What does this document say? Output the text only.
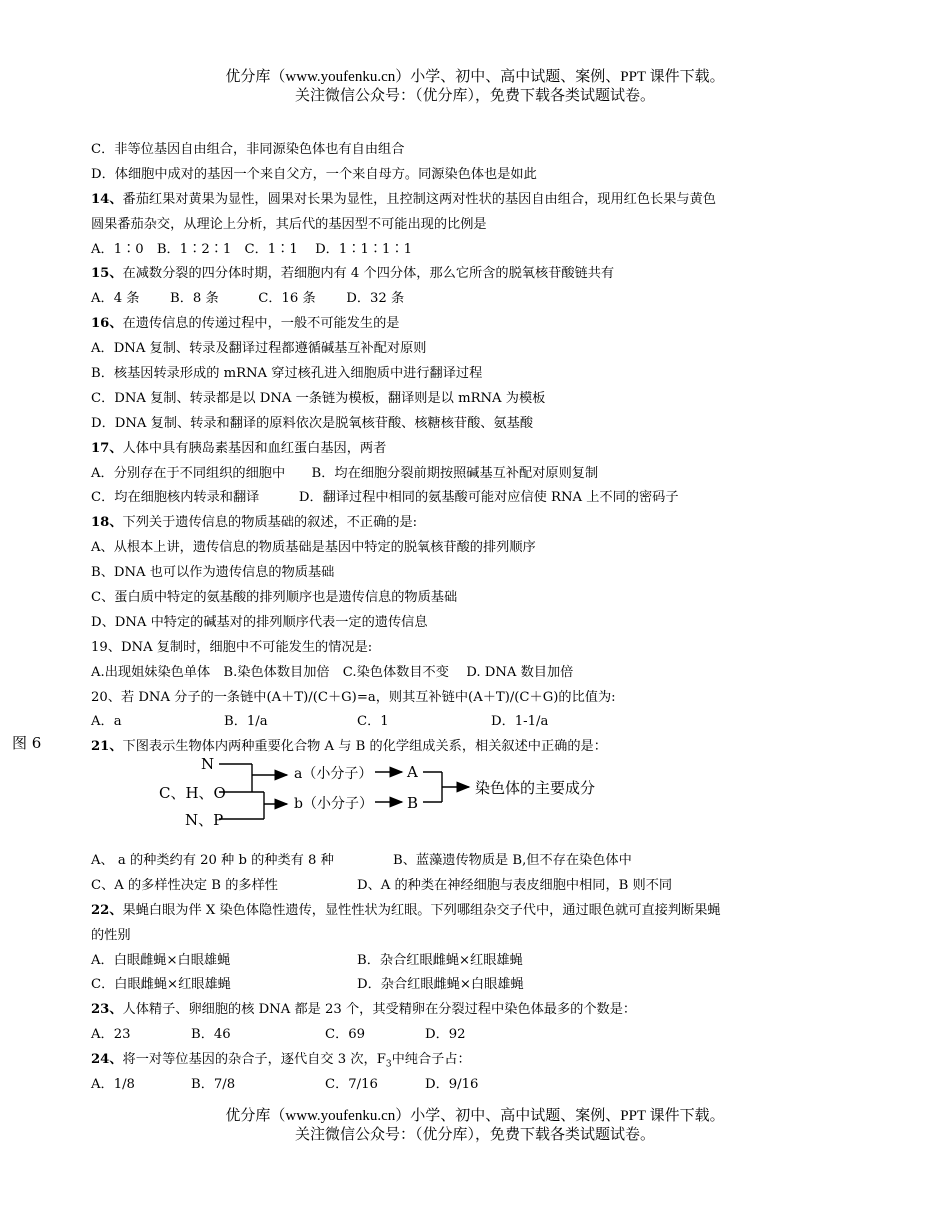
优分库（www.youfenku.cn）小学、初中、高中试题、案例、PPT 课件下载。
关注微信公众号：（优分库），免费下载各类试题试卷。
C．非等位基因自由组合，非同源染色体也有自由组合
D．体细胞中成对的基因一个来自父方，一个来自母方。同源染色体也是如此
14、番茄红果对黄果为显性，圆果对长果为显性，且控制这两对性状的基因自由组合，现用红色长果与黄色
圆果番茄杂交，从理论上分析，其后代的基因型不可能出现的比例是
A．1∶0　B．1∶2∶1　C．1∶1　 D．1∶1∶1∶1
15、在减数分裂的四分体时期，若细胞内有 4 个四分体，那么它所含的脱氧核苷酸链共有
A．4 条　　 B．8 条　　　C．16 条　　 D．32 条
16、在遗传信息的传递过程中，一般不可能发生的是
A．DNA 复制、转录及翻译过程都遵循碱基互补配对原则
B．核基因转录形成的 mRNA 穿过核孔进入细胞质中进行翻译过程
C．DNA 复制、转录都是以 DNA 一条链为模板，翻译则是以 mRNA 为模板
D．DNA 复制、转录和翻译的原料依次是脱氧核苷酸、核糖核苷酸、氨基酸
17、人体中具有胰岛素基因和血红蛋白基因，两者
A．分别存在于不同组织的细胞中　　B．均在细胞分裂前期按照碱基互补配对原则复制
C．均在细胞核内转录和翻译　　　D．翻译过程中相同的氨基酸可能对应信使 RNA 上不同的密码子
18、下列关于遗传信息的物质基础的叙述，不正确的是:
A、从根本上讲，遗传信息的物质基础是基因中特定的脱氧核苷酸的排列顺序
B、DNA 也可以作为遗传信息的物质基础
C、蛋白质中特定的氨基酸的排列顺序也是遗传信息的物质基础
D、DNA 中特定的碱基对的排列顺序代表一定的遗传信息
19、DNA 复制时，细胞中不可能发生的情况是:
A.出现姐妹染色单体　B.染色体数目加倍　C.染色体数目不变　 D. DNA 数目加倍
20、若 DNA 分子的一条链中(A＋T)/(C＋G)=a，则其互补链中(A＋T)/(C＋G)的比值为:
A．a	B．1/a	C．1	D．1-1/a
21、下图表示生物体内两种重要化合物 A 与 B 的化学组成关系，相关叙述中正确的是：
图 6
N
C、H、O
N、P
a（小分子）
b（小分子）
A
B
染色体的主要成分
A、 a 的种类约有 20 种 b 的种类有 8 种	B、蓝藻遗传物质是 B,但不存在染色体中
C、A 的多样性决定 B 的多样性	D、A 的种类在神经细胞与表皮细胞中相同，B 则不同
22、果蝇白眼为伴 X 染色体隐性遗传，显性性状为红眼。下列哪组杂交子代中，通过眼色就可直接判断果蝇
的性别
A．白眼雌蝇×白眼雄蝇	B．杂合红眼雌蝇×红眼雄蝇
C．白眼雌蝇×红眼雄蝇	D．杂合红眼雌蝇×白眼雄蝇
23、人体精子、卵细胞的核 DNA 都是 23 个，其受精卵在分裂过程中染色体最多的个数是：
A．23	B．46	C．69	D．92
24、将一对等位基因的杂合子，逐代自交 3 次，$F_3$中纯合子占：
A．1/8	B．7/8	C．7/16	D．9/16
优分库（www.youfenku.cn）小学、初中、高中试题、案例、PPT 课件下载。
关注微信公众号：（优分库），免费下载各类试题试卷。
